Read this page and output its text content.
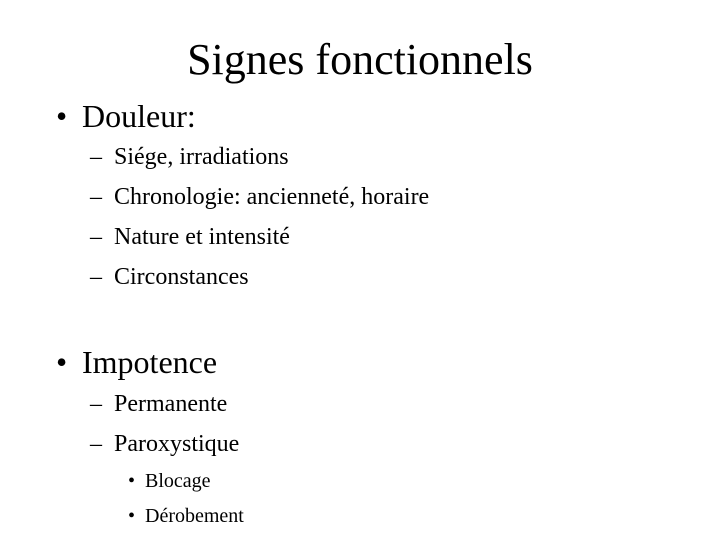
Signes fonctionnels
• Douleur:
– Siége, irradiations
– Chronologie: ancienneté, horaire
– Nature et intensité
– Circonstances
• Impotence
– Permanente
– Paroxystique
• Blocage
• Dérobement
